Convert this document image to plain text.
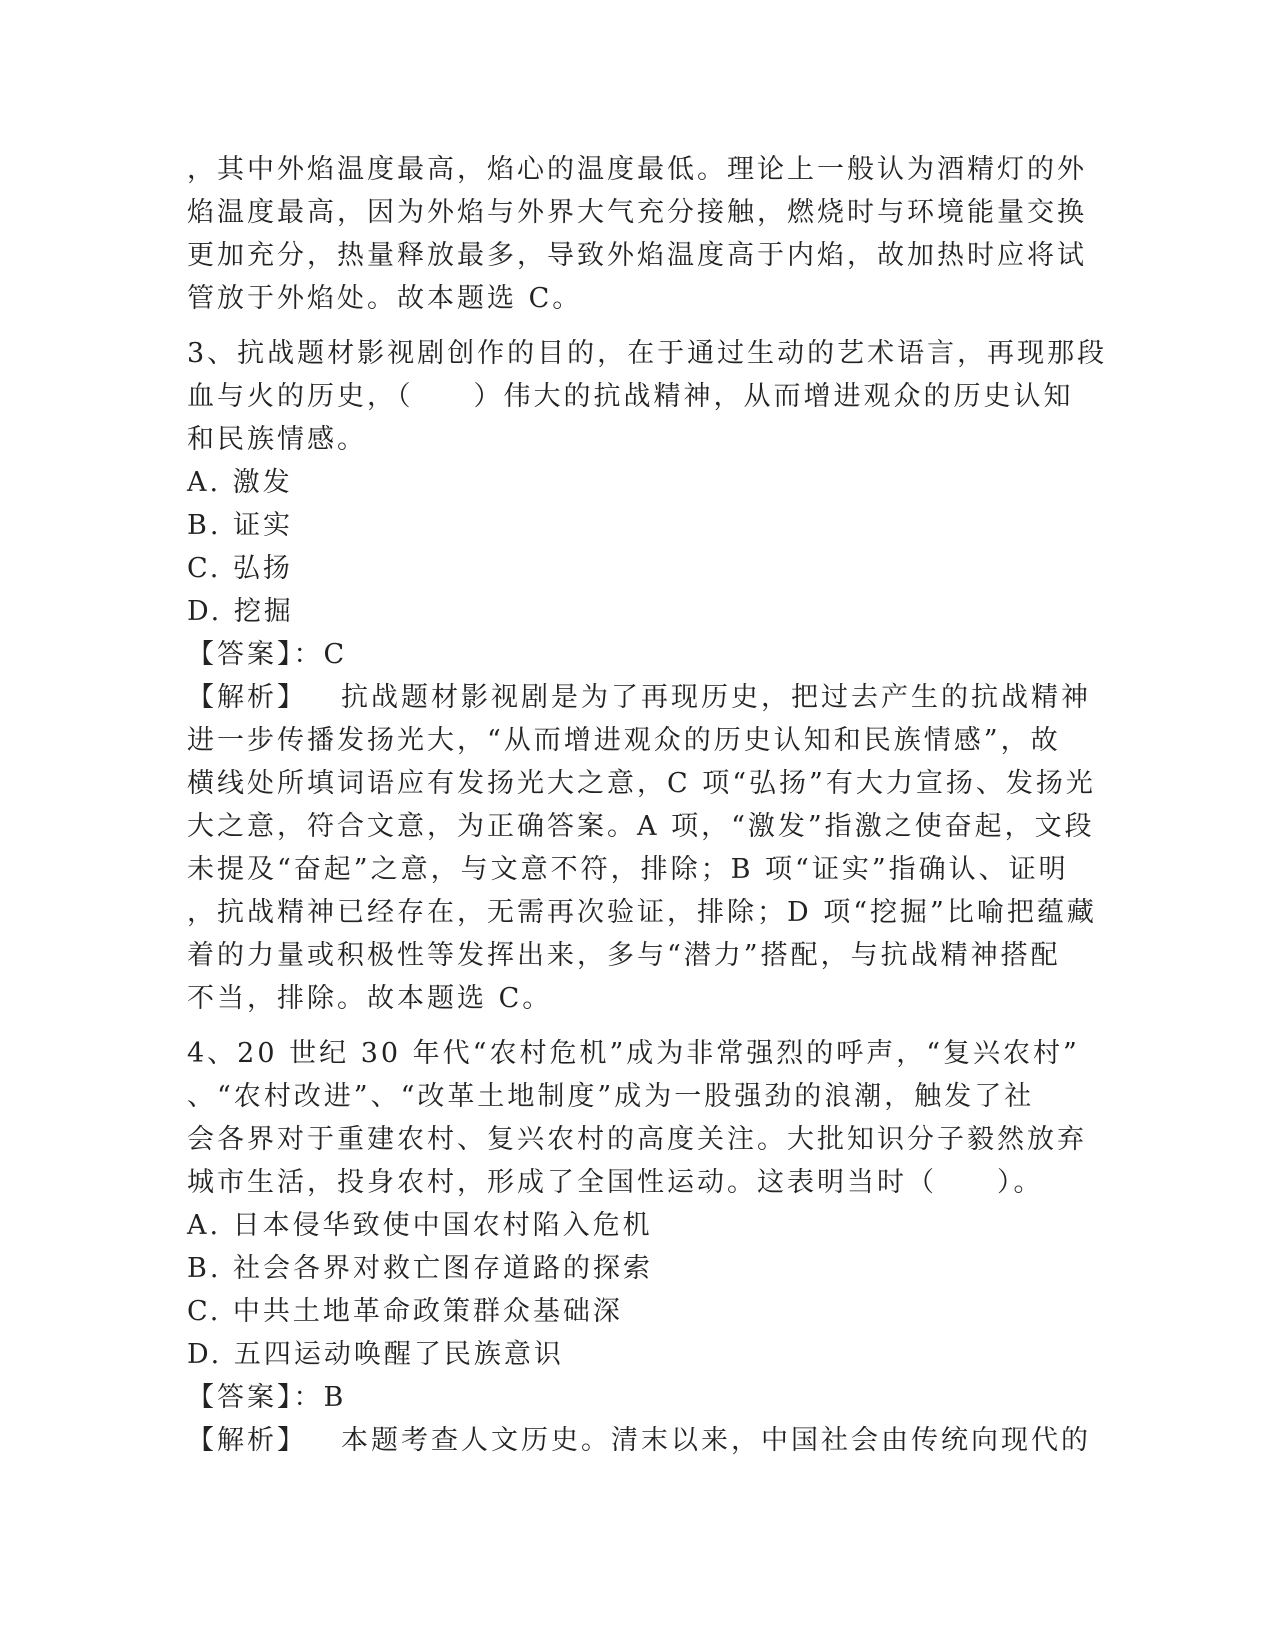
，其中外焰温度最高，焰心的温度最低。理论上一般认为酒精灯的外

焰温度最高，因为外焰与外界大气充分接触，燃烧时与环境能量交换

更加充分，热量释放最多，导致外焰温度高于内焰，故加热时应将试

管放于外焰处。故本题选 C。

3、抗战题材影视剧创作的目的，在于通过生动的艺术语言，再现那段

血与火的历史，（　　）伟大的抗战精神，从而增进观众的历史认知

和民族情感。

A. 激发

B. 证实

C. 弘扬

D. 挖掘

【答案】：C

【解析】 抗战题材影视剧是为了再现历史，把过去产生的抗战精神

进一步传播发扬光大，“从而增进观众的历史认知和民族情感”，故

横线处所填词语应有发扬光大之意，C 项“弘扬”有大力宣扬、发扬光

大之意，符合文意，为正确答案。A 项，“激发”指激之使奋起，文段

未提及“奋起”之意，与文意不符，排除；B 项“证实”指确认、证明

，抗战精神已经存在，无需再次验证，排除；D 项“挖掘”比喻把蕴藏

着的力量或积极性等发挥出来，多与“潜力”搭配，与抗战精神搭配

不当，排除。故本题选 C。

4、20 世纪 30 年代“农村危机”成为非常强烈的呼声，“复兴农村”

、“农村改进”、“改革土地制度”成为一股强劲的浪潮，触发了社

会各界对于重建农村、复兴农村的高度关注。大批知识分子毅然放弃

城市生活，投身农村，形成了全国性运动。这表明当时（　　）。

A. 日本侵华致使中国农村陷入危机

B. 社会各界对救亡图存道路的探索

C. 中共土地革命政策群众基础深

D. 五四运动唤醒了民族意识

【答案】：B

【解析】 本题考查人文历史。清末以来，中国社会由传统向现代的
